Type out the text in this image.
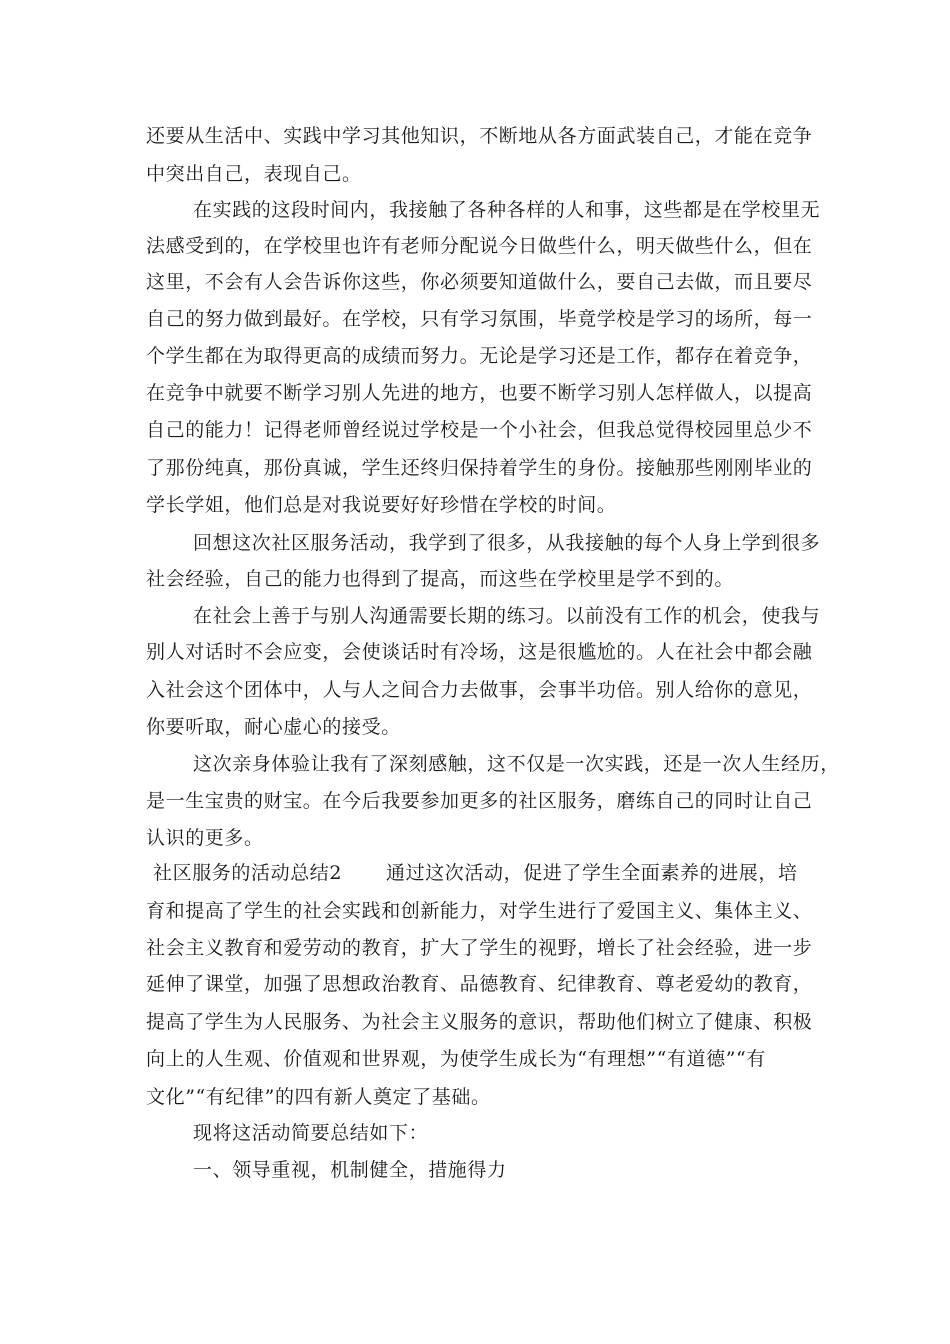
还要从生活中、实践中学习其他知识，不断地从各方面武装自己，才能在竞争
中突出自己，表现自己。
在实践的这段时间内，我接触了各种各样的人和事，这些都是在学校里无
法感受到的，在学校里也许有老师分配说今日做些什么，明天做些什么，但在
这里，不会有人会告诉你这些，你必须要知道做什么，要自己去做，而且要尽
自己的努力做到最好。在学校，只有学习氛围，毕竟学校是学习的场所，每一
个学生都在为取得更高的成绩而努力。无论是学习还是工作，都存在着竞争，
在竞争中就要不断学习别人先进的地方，也要不断学习别人怎样做人，以提高
自己的能力！记得老师曾经说过学校是一个小社会，但我总觉得校园里总少不
了那份纯真，那份真诚，学生还终归保持着学生的身份。接触那些刚刚毕业的
学长学姐，他们总是对我说要好好珍惜在学校的时间。
回想这次社区服务活动，我学到了很多，从我接触的每个人身上学到很多
社会经验，自己的能力也得到了提高，而这些在学校里是学不到的。
在社会上善于与别人沟通需要长期的练习。以前没有工作的机会，使我与
别人对话时不会应变，会使谈话时有冷场，这是很尴尬的。人在社会中都会融
入社会这个团体中，人与人之间合力去做事，会事半功倍。别人给你的意见，
你要听取，耐心虚心的接受。
这次亲身体验让我有了深刻感触，这不仅是一次实践，还是一次人生经历，
是一生宝贵的财宝。在今后我要参加更多的社区服务，磨练自己的同时让自己
认识的更多。
社区服务的活动总结2 通过这次活动，促进了学生全面素养的进展，培
育和提高了学生的社会实践和创新能力，对学生进行了爱国主义、集体主义、
社会主义教育和爱劳动的教育，扩大了学生的视野，增长了社会经验，进一步
延伸了课堂，加强了思想政治教育、品德教育、纪律教育、尊老爱幼的教育，
提高了学生为人民服务、为社会主义服务的意识，帮助他们树立了健康、积极
向上的人生观、价值观和世界观，为使学生成长为“有理想”“有道德”“有
文化”“有纪律”的四有新人奠定了基础。
现将这活动简要总结如下：
一、领导重视，机制健全，措施得力
